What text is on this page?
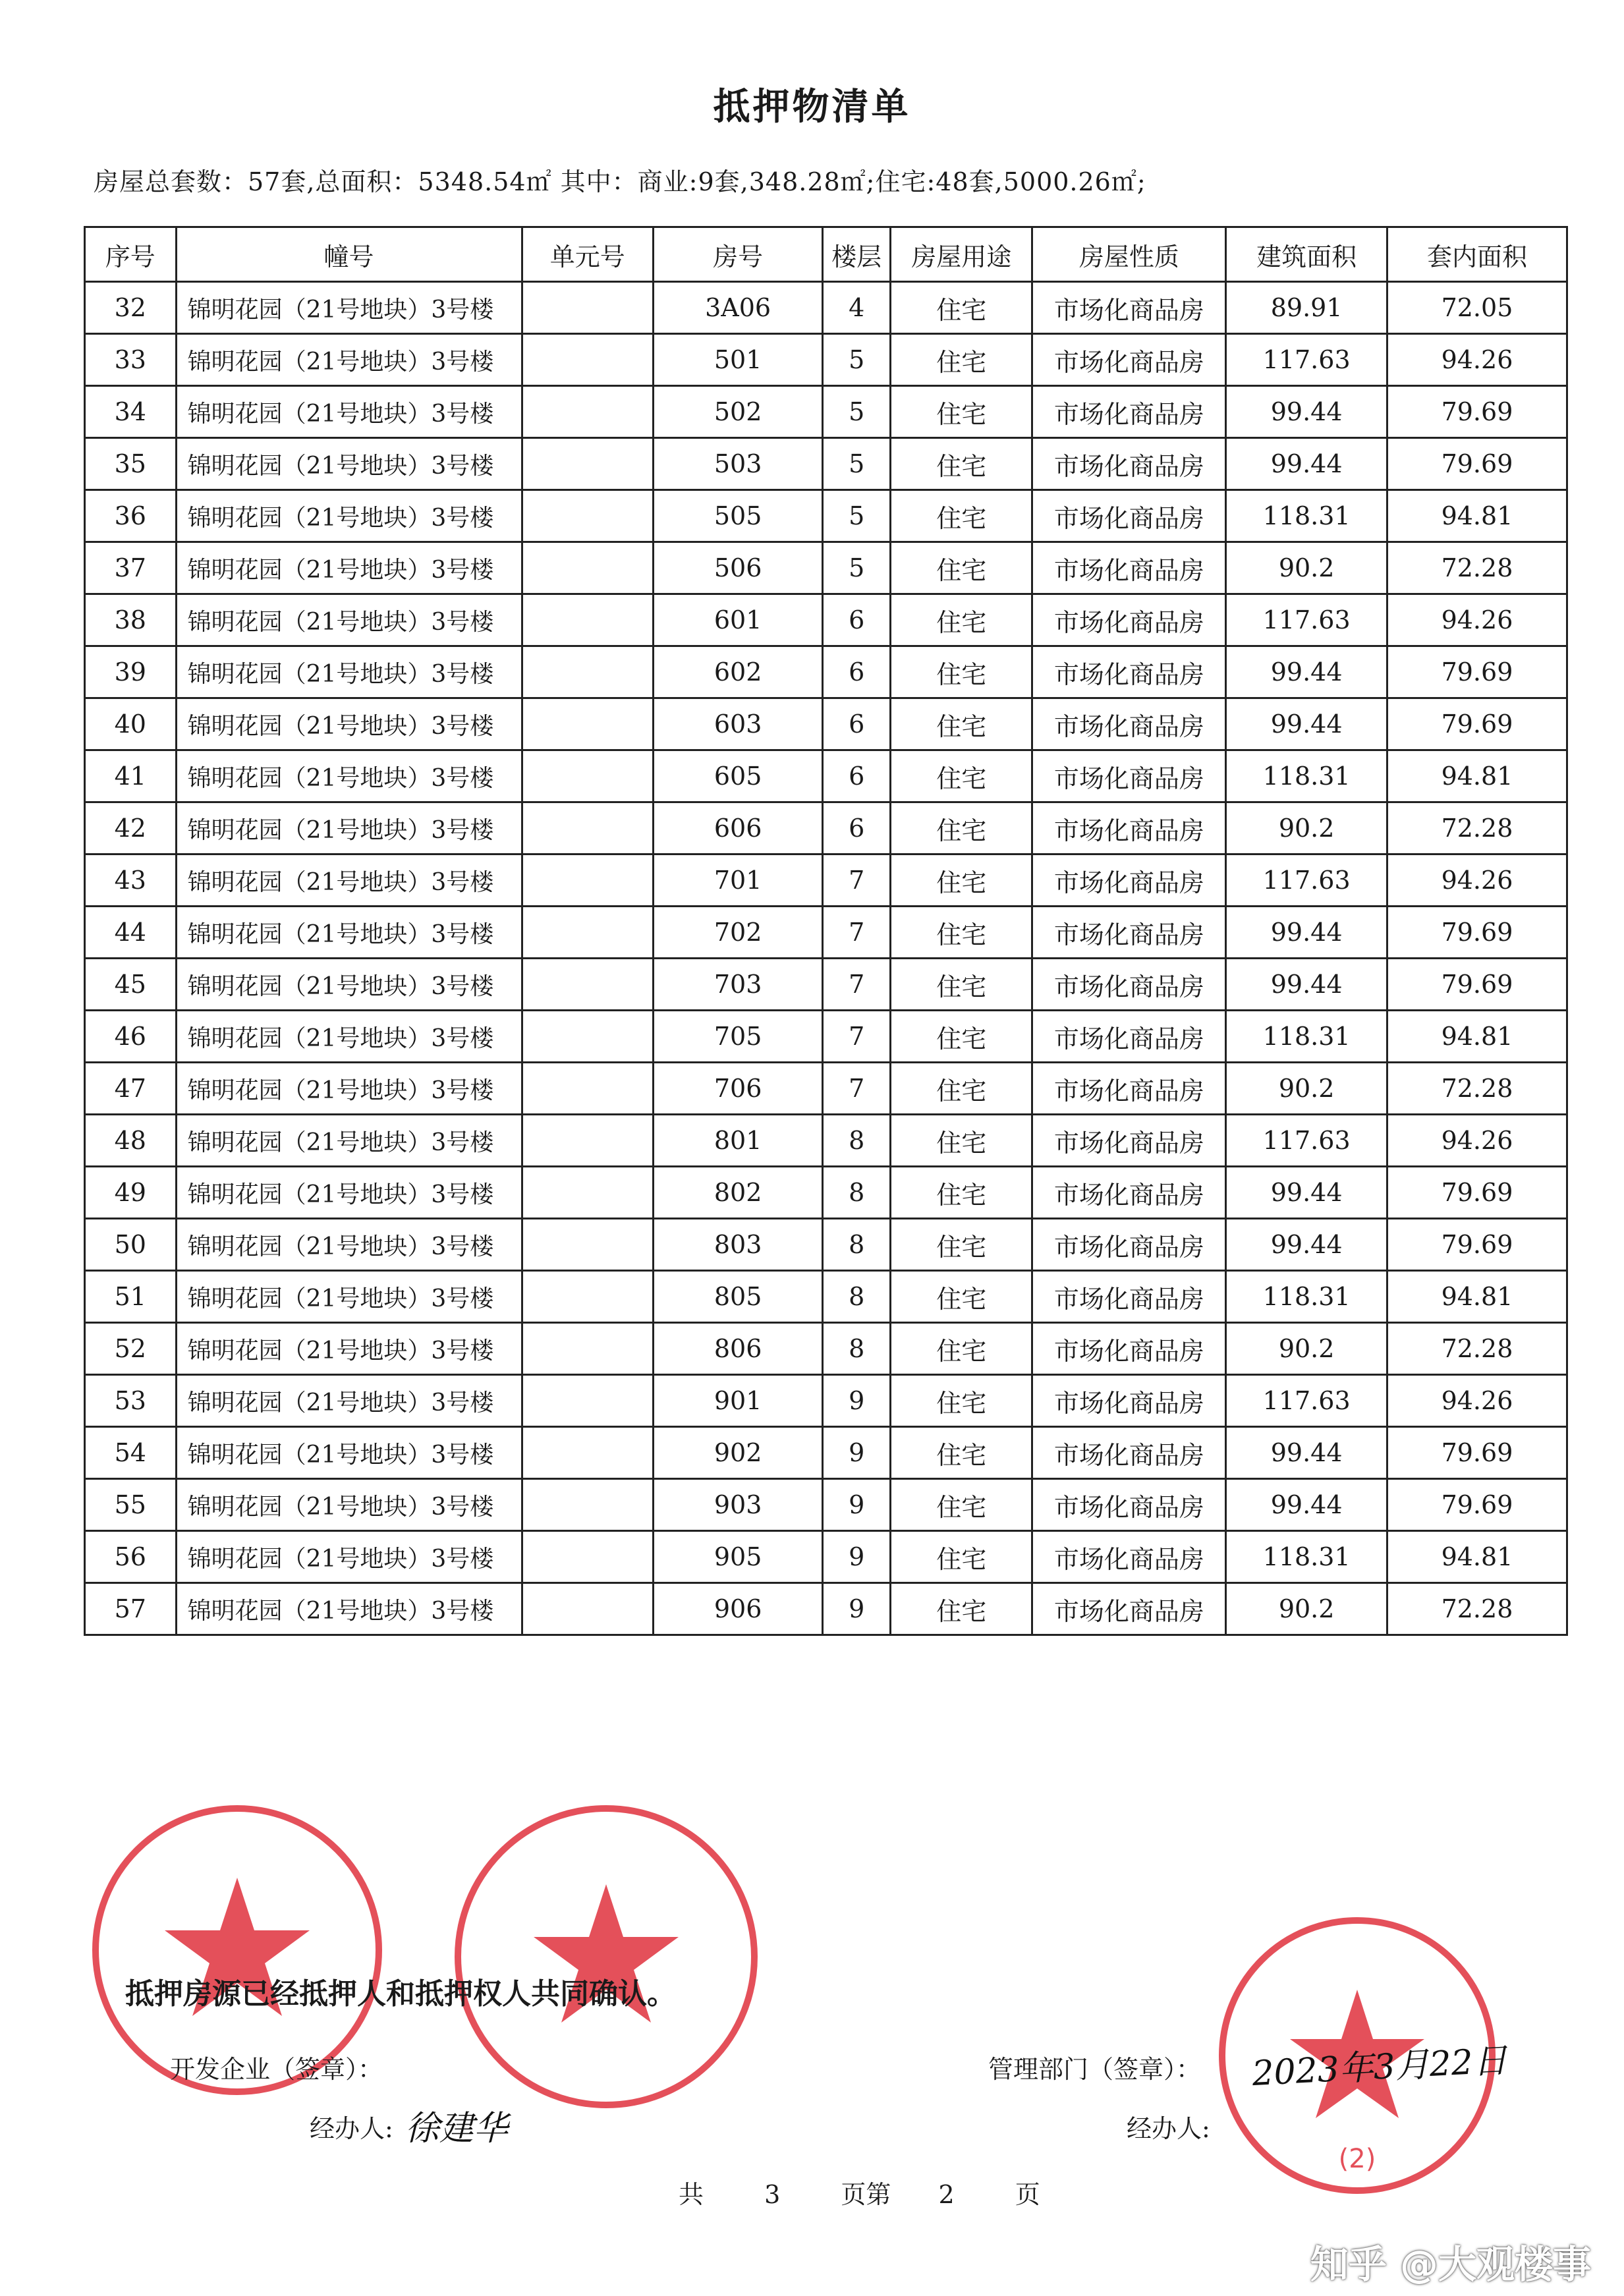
抵押物清单
房屋总套数：57套,总面积：5348.54㎡ 其中：商业:9套,348.28㎡;住宅:48套,5000.26㎡;
序号	幢号	单元号	房号	楼层	房屋用途	房屋性质	建筑面积	套内面积
32	锦明花园（21号地块）3号楼		3A06	4	住宅	市场化商品房	89.91	72.05
33	锦明花园（21号地块）3号楼		501	5	住宅	市场化商品房	117.63	94.26
34	锦明花园（21号地块）3号楼		502	5	住宅	市场化商品房	99.44	79.69
35	锦明花园（21号地块）3号楼		503	5	住宅	市场化商品房	99.44	79.69
36	锦明花园（21号地块）3号楼		505	5	住宅	市场化商品房	118.31	94.81
37	锦明花园（21号地块）3号楼		506	5	住宅	市场化商品房	90.2	72.28
38	锦明花园（21号地块）3号楼		601	6	住宅	市场化商品房	117.63	94.26
39	锦明花园（21号地块）3号楼		602	6	住宅	市场化商品房	99.44	79.69
40	锦明花园（21号地块）3号楼		603	6	住宅	市场化商品房	99.44	79.69
41	锦明花园（21号地块）3号楼		605	6	住宅	市场化商品房	118.31	94.81
42	锦明花园（21号地块）3号楼		606	6	住宅	市场化商品房	90.2	72.28
43	锦明花园（21号地块）3号楼		701	7	住宅	市场化商品房	117.63	94.26
44	锦明花园（21号地块）3号楼		702	7	住宅	市场化商品房	99.44	79.69
45	锦明花园（21号地块）3号楼		703	7	住宅	市场化商品房	99.44	79.69
46	锦明花园（21号地块）3号楼		705	7	住宅	市场化商品房	118.31	94.81
47	锦明花园（21号地块）3号楼		706	7	住宅	市场化商品房	90.2	72.28
48	锦明花园（21号地块）3号楼		801	8	住宅	市场化商品房	117.63	94.26
49	锦明花园（21号地块）3号楼		802	8	住宅	市场化商品房	99.44	79.69
50	锦明花园（21号地块）3号楼		803	8	住宅	市场化商品房	99.44	79.69
51	锦明花园（21号地块）3号楼		805	8	住宅	市场化商品房	118.31	94.81
52	锦明花园（21号地块）3号楼		806	8	住宅	市场化商品房	90.2	72.28
53	锦明花园（21号地块）3号楼		901	9	住宅	市场化商品房	117.63	94.26
54	锦明花园（21号地块）3号楼		902	9	住宅	市场化商品房	99.44	79.69
55	锦明花园（21号地块）3号楼		903	9	住宅	市场化商品房	99.44	79.69
56	锦明花园（21号地块）3号楼		905	9	住宅	市场化商品房	118.31	94.81
57	锦明花园（21号地块）3号楼		906	9	住宅	市场化商品房	90.2	72.28
(2)
抵押房源已经抵押人和抵押权人共同确认。
开发企业（签章）：
经办人: 徐建华
管理部门（签章）：
经办人:
2023年3月22日
共 3 页第 2 页
知乎 @大观楼事
